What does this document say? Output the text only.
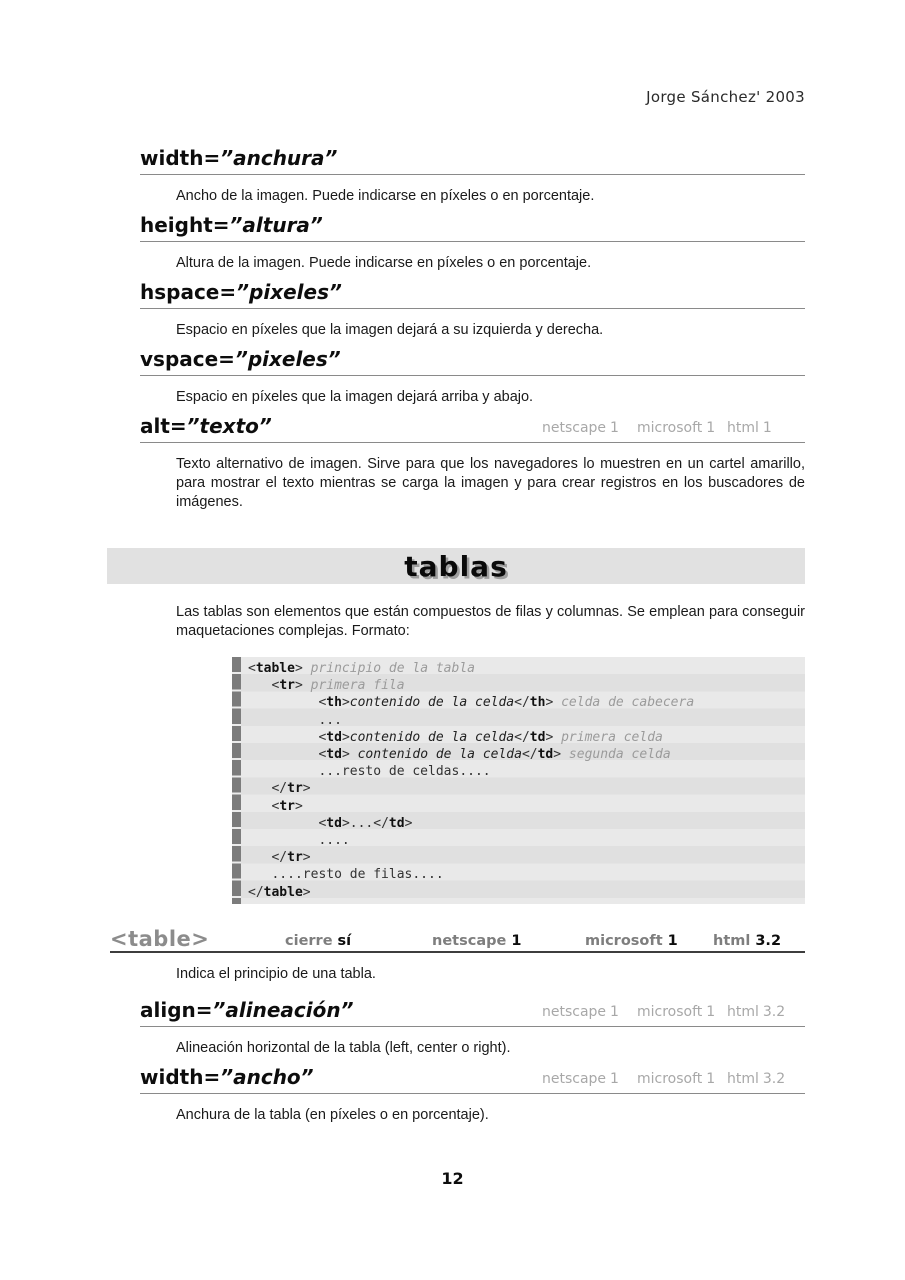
Jorge Sánchez' 2003
width=”anchura”

Ancho de la imagen. Puede indicarse en píxeles o en porcentaje.

height=”altura”

Altura de la imagen. Puede indicarse en píxeles o en porcentaje.

hspace=”pixeles”

Espacio en píxeles que la imagen dejará a su izquierda y derecha.

vspace=”pixeles”

Espacio en píxeles que la imagen dejará arriba y abajo.

alt=”texto”	netscape 1 microsoft 1 html 1

Texto alternativo de imagen. Sirve para que los navegadores lo muestren en un cartel amarillo, para mostrar el texto mientras se carga la imagen y para crear registros en los buscadores de imágenes.

tablas

Las tablas son elementos que están compuestos de filas y columnas. Se emplean para conseguir maquetaciones complejas. Formato:

<table> principio de la tabla
<tr> primera fila
<th>contenido de la celda</th> celda de cabecera
...
<td>contenido de la celda</td> primera celda
<td> contenido de la celda</td> segunda celda
...resto de celdas....
</tr>
<tr>
<td>...</td>
....
</tr>
....resto de filas....
</table>
<table>	cierre sí	netscape 1	microsoft 1 html 3.2

Indica el principio de una tabla.

align=”alineación”	netscape 1 microsoft 1 html 3.2

Alineación horizontal de la tabla (left, center o right).

width=”ancho”	netscape 1 microsoft 1 html 3.2

Anchura de la tabla (en píxeles o en porcentaje).

12
